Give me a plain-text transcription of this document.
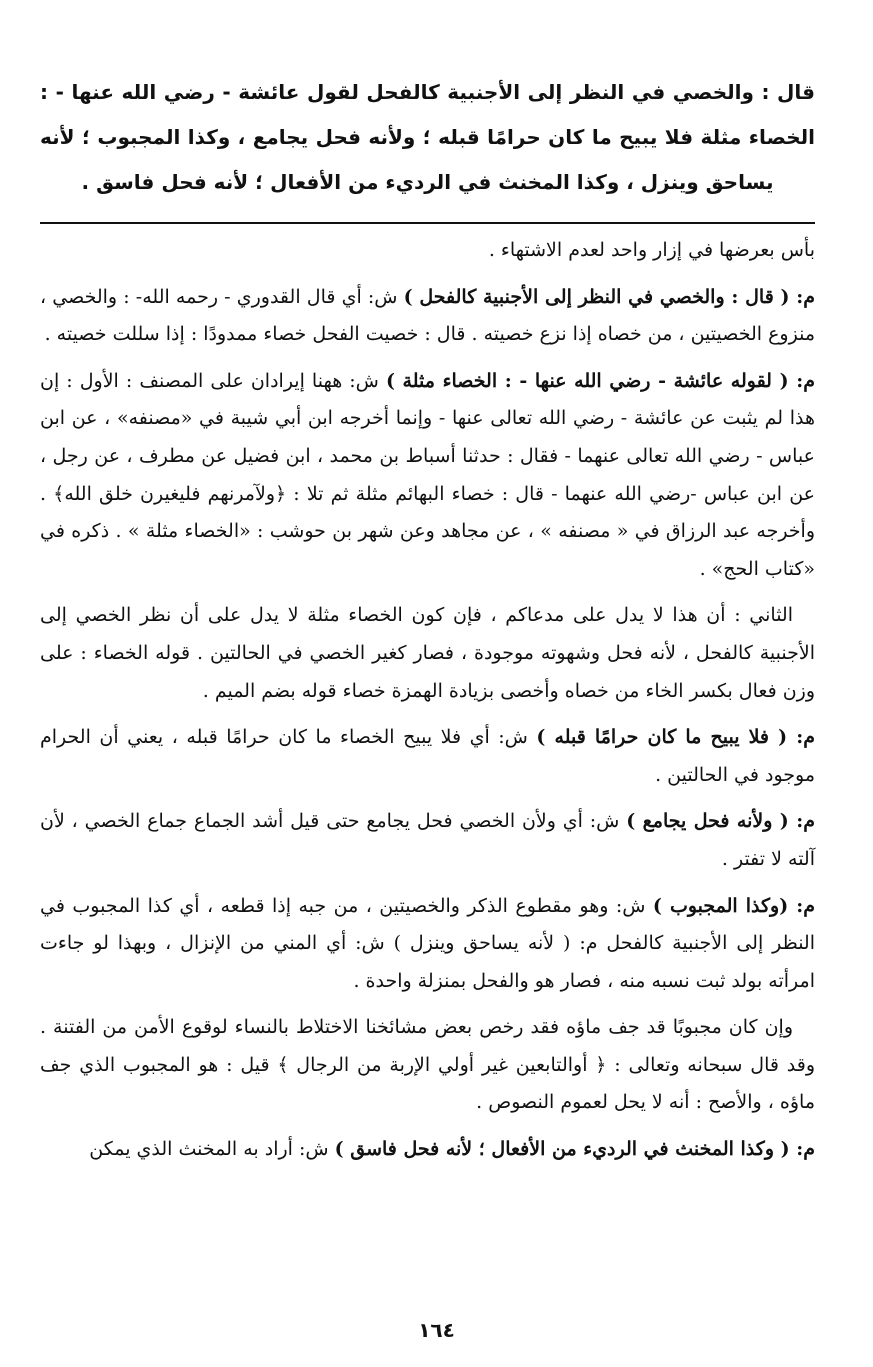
قال : والخصي في النظر إلى الأجنبية كالفحل لقول عائشة - رضي الله عنها - : الخصاء مثلة فلا يبيح ما كان حرامًا قبله ؛ ولأنه فحل يجامع ، وكذا المجبوب ؛ لأنه يساحق وينزل ، وكذا المخنث في الرديء من الأفعال ؛ لأنه فحل فاسق .

بأس بعرضها في إزار واحد لعدم الاشتهاء .

م: ( قال : والخصي في النظر إلى الأجنبية كالفحل ) ش: أي قال القدوري - رحمه الله- : والخصي ، منزوع الخصيتين ، من خصاه إذا نزع خصيته . قال : خصيت الفحل خصاء ممدودًا : إذا سللت خصيته .

م: ( لقوله عائشة - رضي الله عنها - : الخصاء مثلة ) ش: ههنا إيرادان على المصنف : الأول : إن هذا لم يثبت عن عائشة - رضي الله تعالى عنها - وإنما أخرجه ابن أبي شيبة في «مصنفه» ، عن ابن عباس - رضي الله تعالى عنهما - فقال : حدثنا أسباط بن محمد ، ابن فضيل عن مطرف ، عن رجل ، عن ابن عباس -رضي الله عنهما - قال : خصاء البهائم مثلة ثم تلا : ﴿ولآمرنهم فليغيرن خلق الله﴾ . وأخرجه عبد الرزاق في « مصنفه » ، عن مجاهد وعن شهر بن حوشب : «الخصاء مثلة » . ذكره في «كتاب الحج» .

الثاني : أن هذا لا يدل على مدعاكم ، فإن كون الخصاء مثلة لا يدل على أن نظر الخصي إلى الأجنبية كالفحل ، لأنه فحل وشهوته موجودة ، فصار كغير الخصي في الحالتين . قوله الخصاء : على وزن فعال بكسر الخاء من خصاه وأخصى بزيادة الهمزة خصاء قوله بضم الميم .

م: ( فلا يبيح ما كان حرامًا قبله ) ش: أي فلا يبيح الخصاء ما كان حرامًا قبله ، يعني أن الحرام موجود في الحالتين .

م: ( ولأنه فحل يجامع ) ش: أي ولأن الخصي فحل يجامع حتى قيل أشد الجماع جماع الخصي ، لأن آلته لا تفتر .

م: (وكذا المجبوب ) ش: وهو مقطوع الذكر والخصيتين ، من جبه إذا قطعه ، أي كذا المجبوب في النظر إلى الأجنبية كالفحل م: ( لأنه يساحق وينزل ) ش: أي المني من الإنزال ، وبهذا لو جاءت امرأته بولد ثبت نسبه منه ، فصار هو والفحل بمنزلة واحدة .

وإن كان مجبوبًا قد جف ماؤه فقد رخص بعض مشائخنا الاختلاط بالنساء لوقوع الأمن من الفتنة . وقد قال سبحانه وتعالى : ﴿ أوالتابعين غير أولي الإربة من الرجال ﴾ قيل : هو المجبوب الذي جف ماؤه ، والأصح : أنه لا يحل لعموم النصوص .

م: ( وكذا المخنث في الرديء من الأفعال ؛ لأنه فحل فاسق ) ش: أراد به المخنث الذي يمكن

١٦٤
